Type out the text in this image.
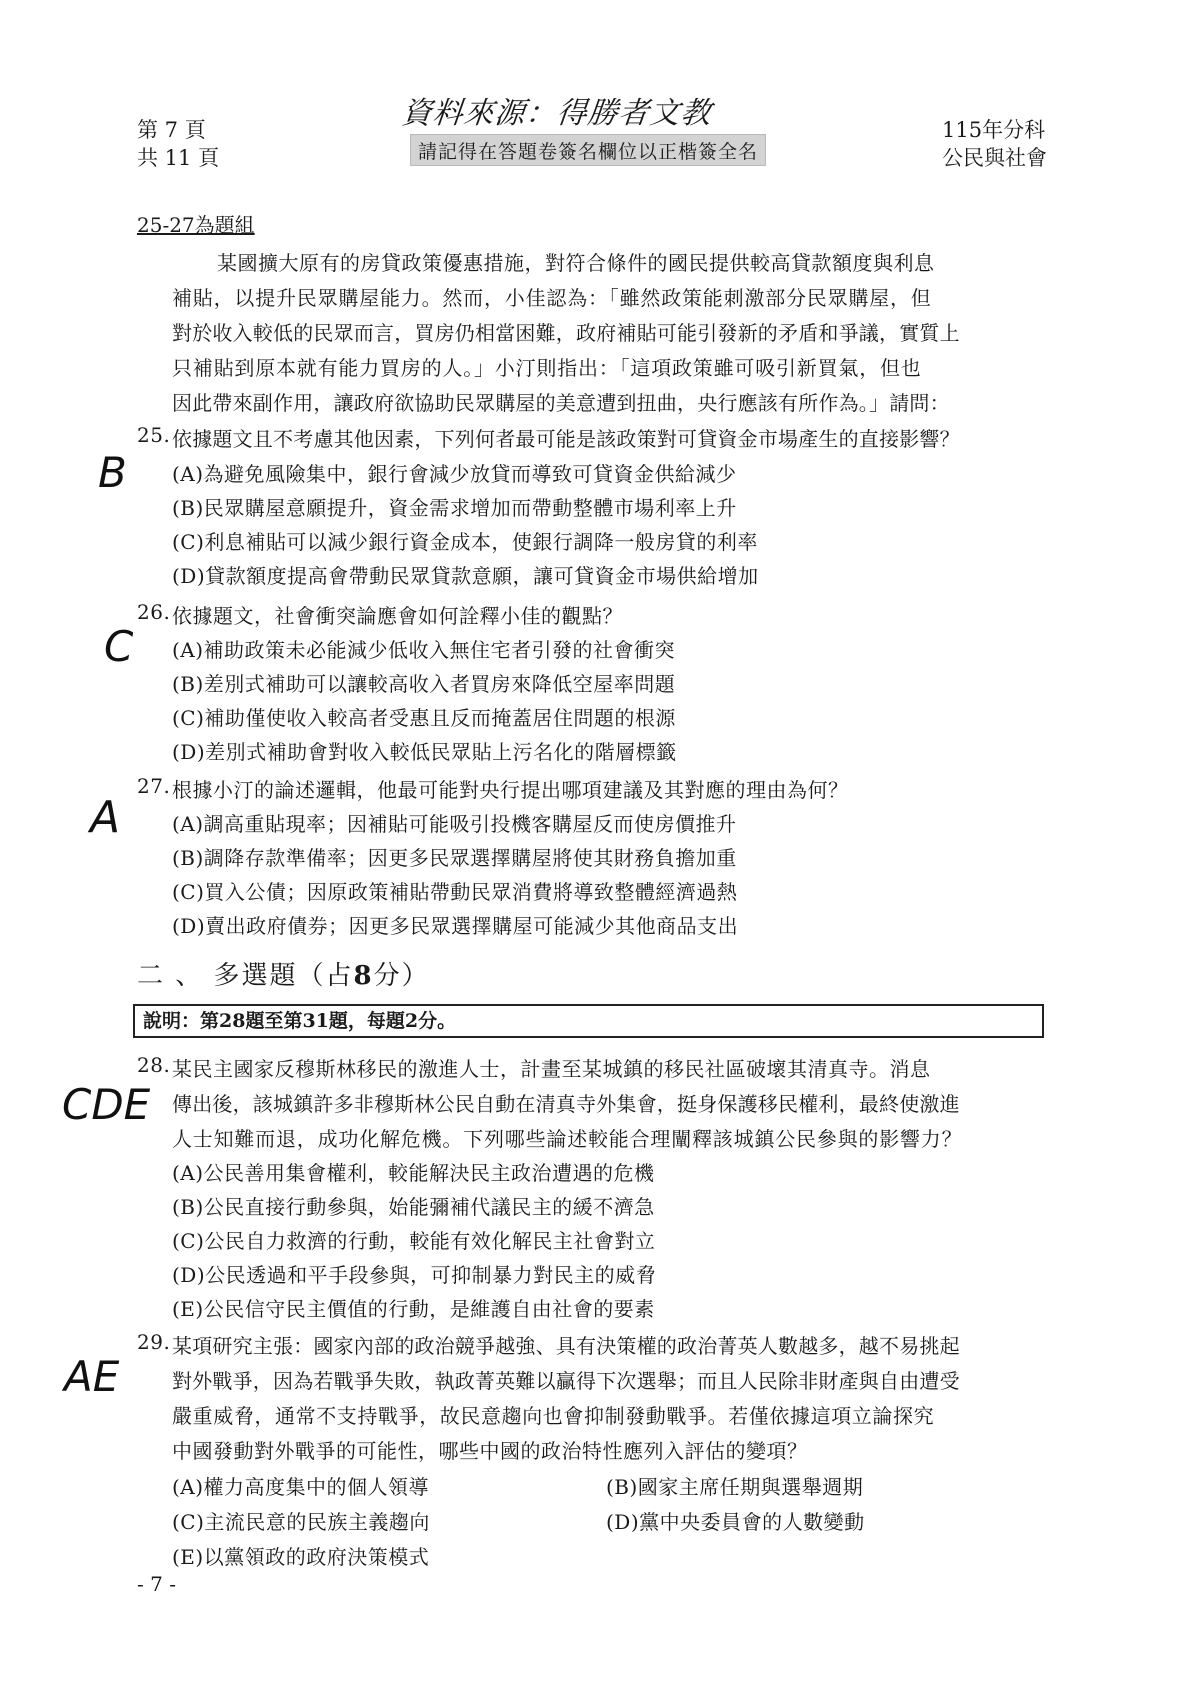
第 7 頁
共 11 頁
資料來源：得勝者文教
請記得在答題卷簽名欄位以正楷簽全名
115年分科
公民與社會
25-27為題組
某國擴大原有的房貸政策優惠措施，對符合條件的國民提供較高貸款額度與利息
補貼，以提升民眾購屋能力。然而，小佳認為：「雖然政策能刺激部分民眾購屋，但
對於收入較低的民眾而言，買房仍相當困難，政府補貼可能引發新的矛盾和爭議，實質上
只補貼到原本就有能力買房的人。」小汀則指出：「這項政策雖可吸引新買氣，但也
因此帶來副作用，讓政府欲協助民眾購屋的美意遭到扭曲，央行應該有所作為。」請問：
B
25. 依據題文且不考慮其他因素，下列何者最可能是該政策對可貸資金市場產生的直接影響？
(A)為避免風險集中，銀行會減少放貸而導致可貸資金供給減少
(B)民眾購屋意願提升，資金需求增加而帶動整體市場利率上升
(C)利息補貼可以減少銀行資金成本，使銀行調降一般房貸的利率
(D)貸款額度提高會帶動民眾貸款意願，讓可貸資金市場供給增加
C
26. 依據題文，社會衝突論應會如何詮釋小佳的觀點？
(A)補助政策未必能減少低收入無住宅者引發的社會衝突
(B)差別式補助可以讓較高收入者買房來降低空屋率問題
(C)補助僅使收入較高者受惠且反而掩蓋居住問題的根源
(D)差別式補助會對收入較低民眾貼上污名化的階層標籤
A
27. 根據小汀的論述邏輯，他最可能對央行提出哪項建議及其對應的理由為何？
(A)調高重貼現率；因補貼可能吸引投機客購屋反而使房價推升
(B)調降存款準備率；因更多民眾選擇購屋將使其財務負擔加重
(C)買入公債；因原政策補貼帶動民眾消費將導致整體經濟過熱
(D)賣出政府債券；因更多民眾選擇購屋可能減少其他商品支出
二 、 多選題（占8分）
說明：第28題至第31題，每題2分。
CDE
28. 某民主國家反穆斯林移民的激進人士，計畫至某城鎮的移民社區破壞其清真寺。消息
傳出後，該城鎮許多非穆斯林公民自動在清真寺外集會，挺身保護移民權利，最終使激進
人士知難而退，成功化解危機。下列哪些論述較能合理闡釋該城鎮公民參與的影響力？
(A)公民善用集會權利，較能解決民主政治遭遇的危機
(B)公民直接行動參與，始能彌補代議民主的緩不濟急
(C)公民自力救濟的行動，較能有效化解民主社會對立
(D)公民透過和平手段參與，可抑制暴力對民主的威脅
(E)公民信守民主價值的行動，是維護自由社會的要素
AE
29. 某項研究主張：國家內部的政治競爭越強、具有決策權的政治菁英人數越多，越不易挑起
對外戰爭，因為若戰爭失敗，執政菁英難以贏得下次選舉；而且人民除非財產與自由遭受
嚴重威脅，通常不支持戰爭，故民意趨向也會抑制發動戰爭。若僅依據這項立論探究
中國發動對外戰爭的可能性，哪些中國的政治特性應列入評估的變項？
(A)權力高度集中的個人領導	(B)國家主席任期與選舉週期
(C)主流民意的民族主義趨向	(D)黨中央委員會的人數變動
(E)以黨領政的政府決策模式
- 7 -
